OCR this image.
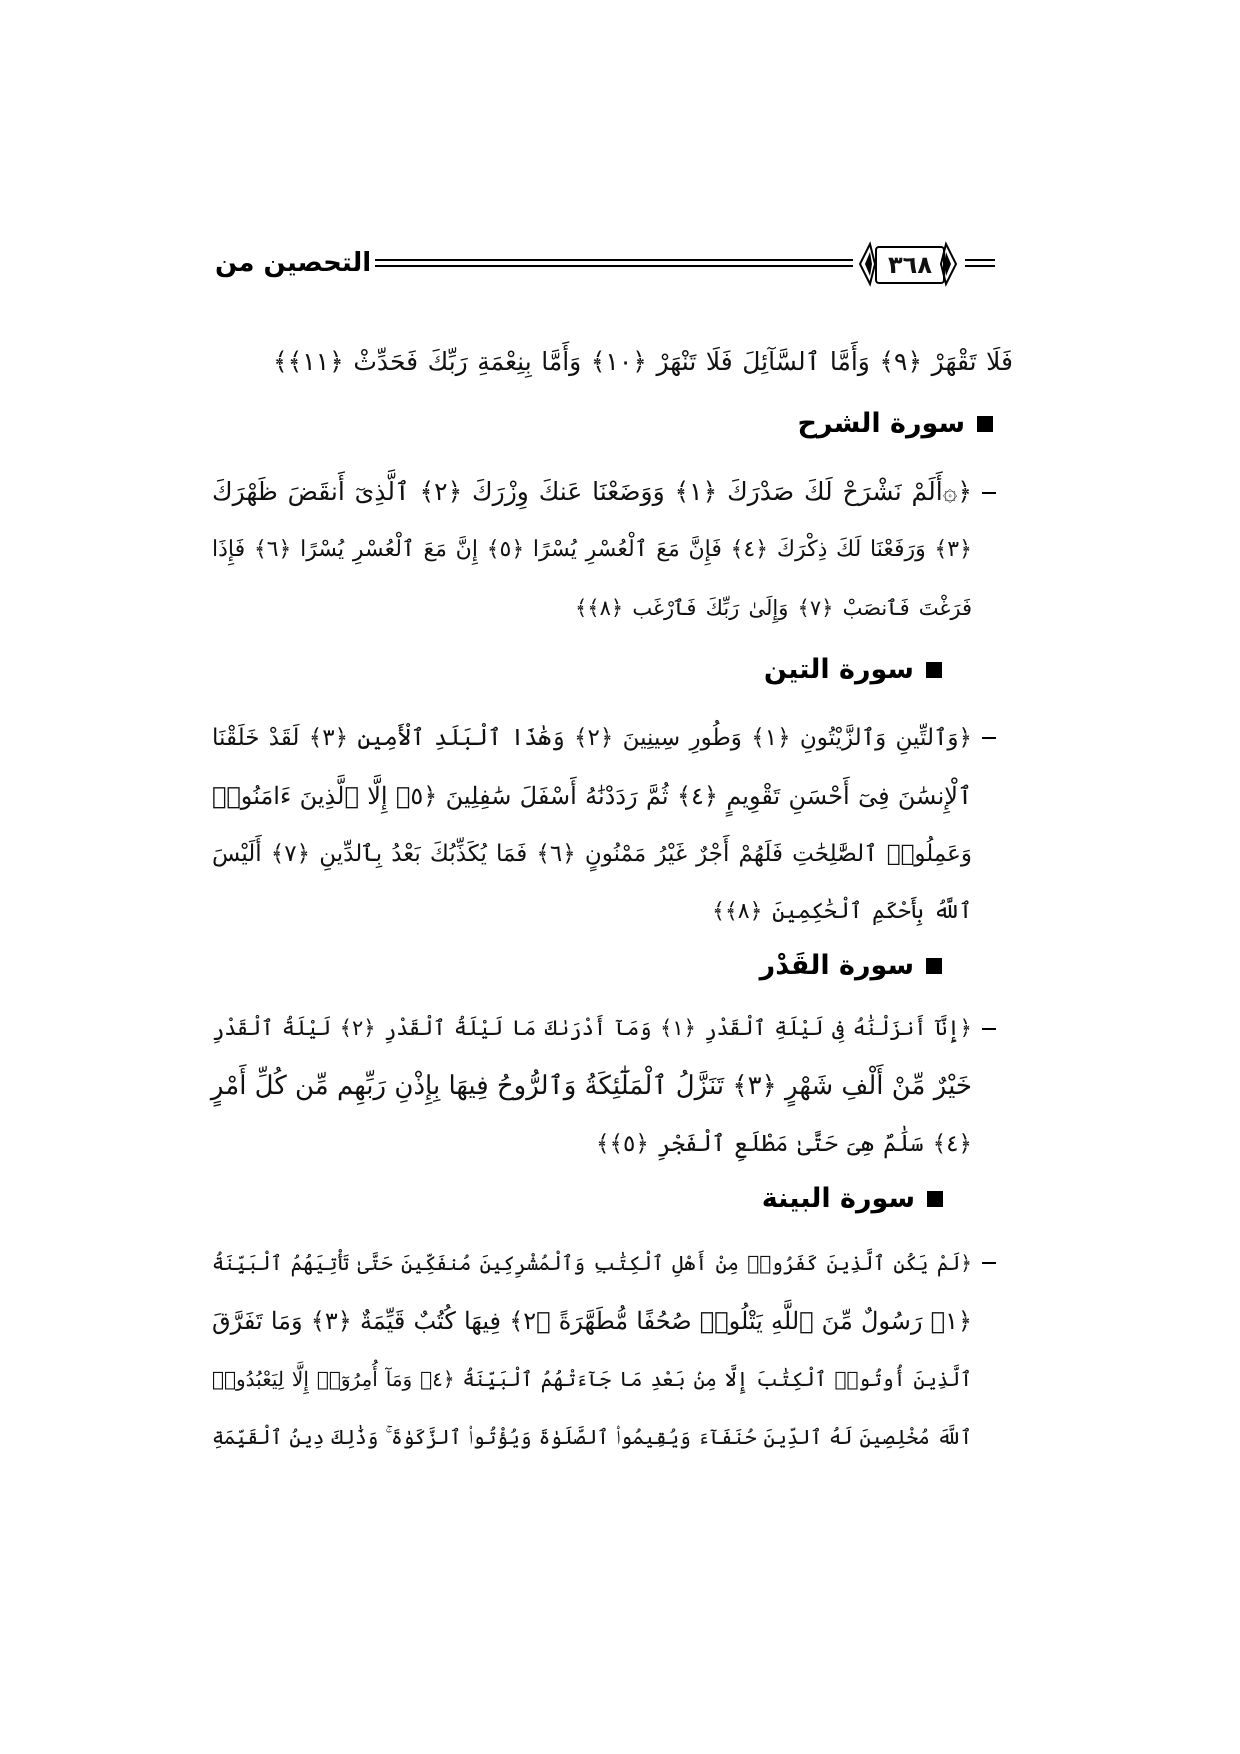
التحصين من	٣٦٨
فَلَا تَقْهَرْ ﴿٩﴾ وَأَمَّا ٱلسَّآئِلَ فَلَا تَنْهَرْ ﴿١٠﴾ وَأَمَّا بِنِعْمَةِ رَبِّكَ فَحَدِّثْ ﴿١١﴾﴾
سورة الشرح
﴿۞أَلَمْ نَشْرَحْ لَكَ صَدْرَكَ ﴿١﴾ وَوَضَعْنَا عَنكَ وِزْرَكَ ﴿٢﴾ ٱلَّذِىٓ أَنقَضَ ظَهْرَكَ
﴿٣﴾ وَرَفَعْنَا لَكَ ذِكْرَكَ ﴿٤﴾ فَإِنَّ مَعَ ٱلْعُسْرِ يُسْرًا ﴿٥﴾ إِنَّ مَعَ ٱلْعُسْرِ يُسْرًا ﴿٦﴾ فَإِذَا
فَرَغْتَ فَٱنصَبْ ﴿٧﴾ وَإِلَىٰ رَبِّكَ فَٱرْغَب ﴿٨﴾﴾
سورة التين
﴿وَٱلتِّينِ وَٱلزَّيْتُونِ ﴿١﴾ وَطُورِ سِينِينَ ﴿٢﴾ وَهَٰذَا ٱلْبَلَدِ ٱلْأَمِينِ ﴿٣﴾ لَقَدْ خَلَقْنَا
ٱلْإِنسَٰنَ فِىٓ أَحْسَنِ تَقْوِيمٍ ﴿٤﴾ ثُمَّ رَدَدْنَٰهُ أَسْفَلَ سَٰفِلِينَ ﴿٥﴾ إِلَّا ٱلَّذِينَ ءَامَنُوا۟
وَعَمِلُوا۟ ٱلصَّٰلِحَٰتِ فَلَهُمْ أَجْرٌ غَيْرُ مَمْنُونٍ ﴿٦﴾ فَمَا يُكَذِّبُكَ بَعْدُ بِٱلدِّينِ ﴿٧﴾ أَلَيْسَ
ٱللَّهُ بِأَحْكَمِ ٱلْحَٰكِمِينَ ﴿٨﴾﴾
سورة القَدْر
﴿إِنَّآ أَنزَلْنَٰهُ فِى لَيْلَةِ ٱلْقَدْرِ ﴿١﴾ وَمَآ أَدْرَىٰكَ مَا لَيْلَةُ ٱلْقَدْرِ ﴿٢﴾ لَيْلَةُ ٱلْقَدْرِ
خَيْرٌ مِّنْ أَلْفِ شَهْرٍ ﴿٣﴾ تَنَزَّلُ ٱلْمَلَٰٓئِكَةُ وَٱلرُّوحُ فِيهَا بِإِذْنِ رَبِّهِم مِّن كُلِّ أَمْرٍ
﴿٤﴾ سَلَٰمٌ هِىَ حَتَّىٰ مَطْلَعِ ٱلْفَجْرِ ﴿٥﴾﴾
سورة البينة
﴿لَمْ يَكُنِ ٱلَّذِينَ كَفَرُوا۟ مِنْ أَهْلِ ٱلْكِتَٰبِ وَٱلْمُشْرِكِينَ مُنفَكِّينَ حَتَّىٰ تَأْتِيَهُمُ ٱلْبَيِّنَةُ
﴿١﴾ رَسُولٌ مِّنَ ٱللَّهِ يَتْلُوا۟ صُحُفًا مُّطَهَّرَةً ﴿٢﴾ فِيهَا كُتُبٌ قَيِّمَةٌ ﴿٣﴾ وَمَا تَفَرَّقَ
ٱلَّذِينَ أُوتُوا۟ ٱلْكِتَٰبَ إِلَّا مِنۢ بَعْدِ مَا جَآءَتْهُمُ ٱلْبَيِّنَةُ ﴿٤﴾ وَمَآ أُمِرُوٓا۟ إِلَّا لِيَعْبُدُوا۟
ٱللَّهَ مُخْلِصِينَ لَهُ ٱلدِّينَ حُنَفَآءَ وَيُقِيمُوا۟ ٱلصَّلَوٰةَ وَيُؤْتُوا۟ ٱلزَّكَوٰةَ ۚ وَذَٰلِكَ دِينُ ٱلْقَيِّمَةِ
